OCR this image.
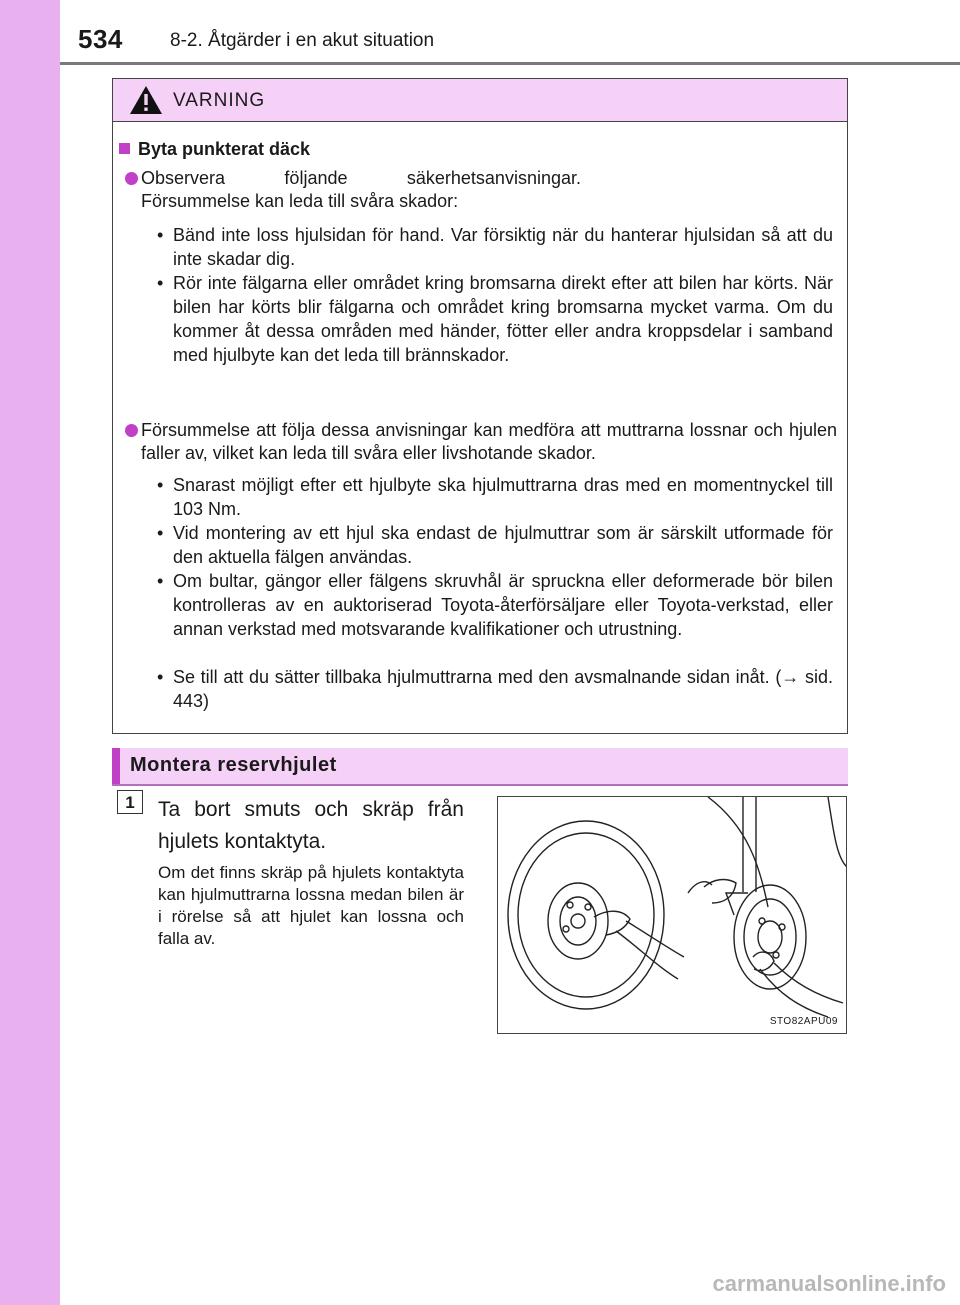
534 8-2. Åtgärder i en akut situation
VARNING
Byta punkterat däck
Observera följande säkerhetsanvisningar. Försummelse kan leda till svåra skador:
• Bänd inte loss hjulsidan för hand. Var försiktig när du hanterar hjulsidan så att du inte skadar dig.
• Rör inte fälgarna eller området kring bromsarna direkt efter att bilen har körts. När bilen har körts blir fälgarna och området kring bromsarna mycket varma. Om du kommer åt dessa områden med händer, fötter eller andra kroppsdelar i samband med hjulbyte kan det leda till brännskador.
Försummelse att följa dessa anvisningar kan medföra att muttrarna lossnar och hjulen faller av, vilket kan leda till svåra eller livshotande skador.
• Snarast möjligt efter ett hjulbyte ska hjulmuttrarna dras med en momentnyckel till 103 Nm.
• Vid montering av ett hjul ska endast de hjulmuttrar som är särskilt utformade för den aktuella fälgen användas.
• Om bultar, gängor eller fälgens skruvhål är spruckna eller deformerade bör bilen kontrolleras av en auktoriserad Toyota-återförsäljare eller Toyota-verkstad, eller annan verkstad med motsvarande kvalifikationer och utrustning.
• Se till att du sätter tillbaka hjulmuttrarna med den avsmalnande sidan inåt. (→ sid. 443)
Montera reservhjulet
1	Ta bort smuts och skräp från hjulets kontaktyta.
Om det finns skräp på hjulets kontaktyta kan hjulmuttrarna lossna medan bilen är i rörelse så att hjulet kan lossna och falla av.
STO82APU09
carmanualsonline.info
